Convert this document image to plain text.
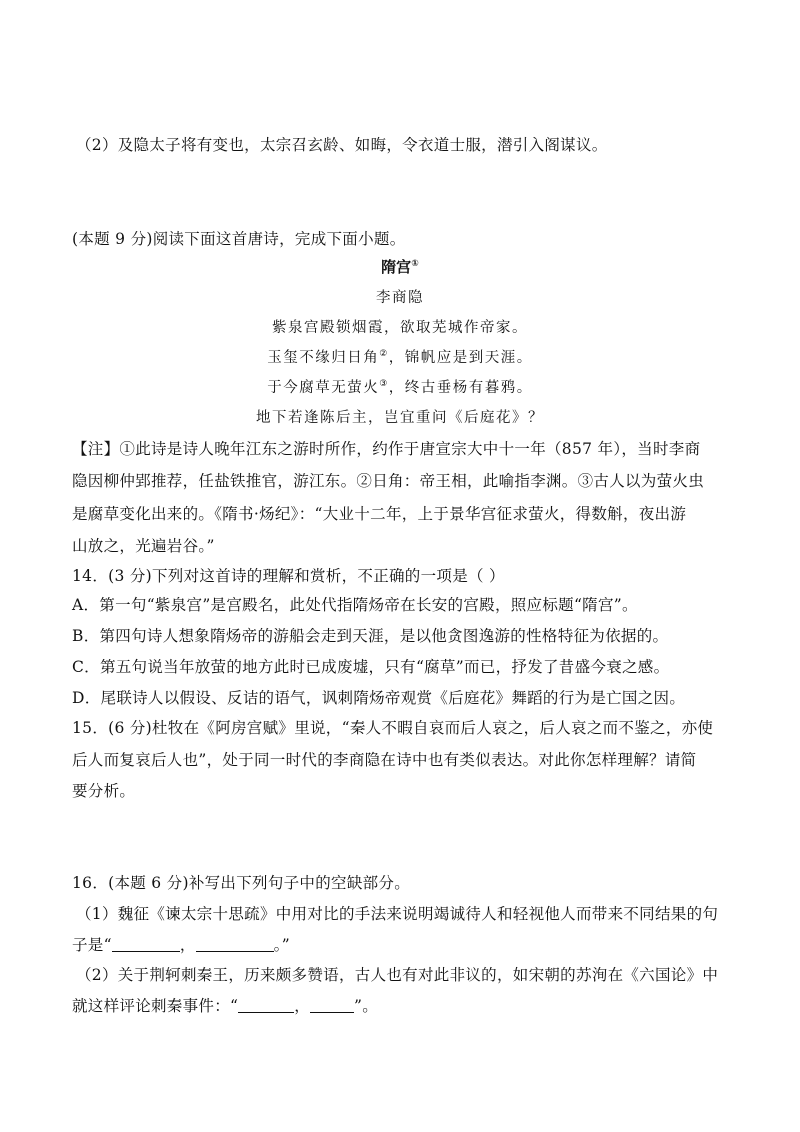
（2）及隐太子将有变也，太宗召玄龄、如晦，令衣道士服，潜引入阁谋议。
(本题 9 分)阅读下面这首唐诗，完成下面小题。
隋宫①
李商隐
紫泉宫殿锁烟霞，欲取芜城作帝家。
玉玺不缘归日角②，锦帆应是到天涯。
于今腐草无萤火③，终古垂杨有暮鸦。
地下若逢陈后主，岂宜重问《后庭花》？
【注】①此诗是诗人晚年江东之游时所作，约作于唐宣宗大中十一年（857 年），当时李商
隐因柳仲郢推荐，任盐铁推官，游江东。②日角：帝王相，此喻指李渊。③古人以为萤火虫
是腐草变化出来的。《隋书·炀纪》：“大业十二年，上于景华宫征求萤火，得数斛，夜出游
山放之，光遍岩谷。”
14．(3 分)下列对这首诗的理解和赏析，不正确的一项是（ ）
A．第一句“紫泉宫”是宫殿名，此处代指隋炀帝在长安的宫殿，照应标题“隋宫”。
B．第四句诗人想象隋炀帝的游船会走到天涯，是以他贪图逸游的性格特征为依据的。
C．第五句说当年放萤的地方此时已成废墟，只有“腐草”而已，抒发了昔盛今衰之感。
D．尾联诗人以假设、反诘的语气，讽刺隋炀帝观赏《后庭花》舞蹈的行为是亡国之因。
15．(6 分)杜牧在《阿房宫赋》里说，“秦人不暇自哀而后人哀之，后人哀之而不鉴之，亦使
后人而复哀后人也”，处于同一时代的李商隐在诗中也有类似表达。对此你怎样理解？请简
要分析。
16．(本题 6 分)补写出下列句子中的空缺部分。
（1）魏征《谏太宗十思疏》中用对比的手法来说明竭诚待人和轻视他人而带来不同结果的句
子是“	，	。”
（2）关于荆轲刺秦王，历来颇多赞语，古人也有对此非议的，如宋朝的苏洵在《六国论》中
就这样评论刺秦事件：“	，	”。
